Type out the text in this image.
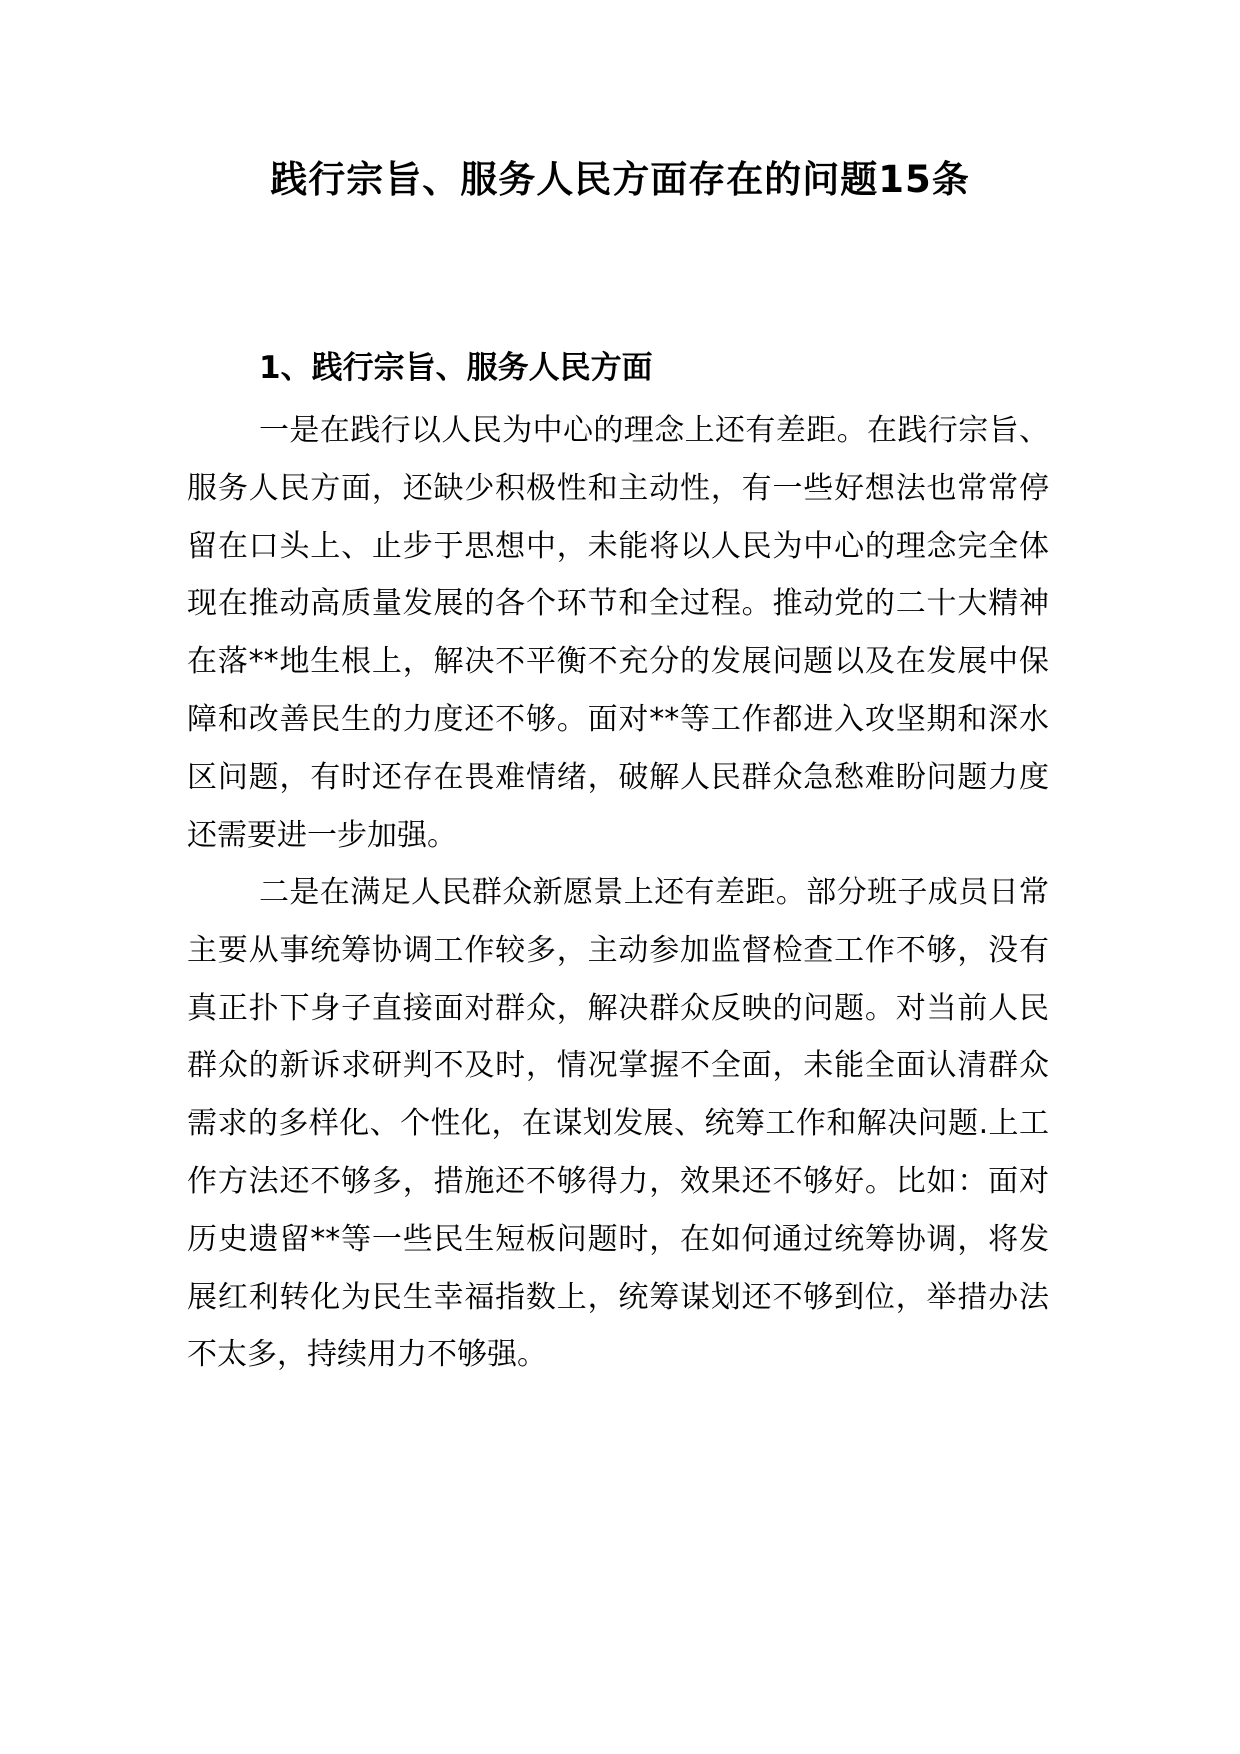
践行宗旨、服务人民方面存在的问题15条
1、践行宗旨、服务人民方面

一是在践行以人民为中心的理念上还有差距。在践行宗旨、服务人民方面，还缺少积极性和主动性，有一些好想法也常常停留在口头上、止步于思想中，未能将以人民为中心的理念完全体现在推动高质量发展的各个环节和全过程。推动党的二十大精神在落**地生根上，解决不平衡不充分的发展问题以及在发展中保障和改善民生的力度还不够。面对**等工作都进入攻坚期和深水区问题，有时还存在畏难情绪，破解人民群众急愁难盼问题力度还需要进一步加强。

二是在满足人民群众新愿景上还有差距。部分班子成员日常主要从事统筹协调工作较多，主动参加监督检查工作不够，没有真正扑下身子直接面对群众，解决群众反映的问题。对当前人民群众的新诉求研判不及时，情况掌握不全面，未能全面认清群众需求的多样化、个性化，在谋划发展、统筹工作和解决问题.上工作方法还不够多，措施还不够得力，效果还不够好。比如：面对历史遗留**等一些民生短板问题时，在如何通过统筹协调，将发展红利转化为民生幸福指数上，统筹谋划还不够到位，举措办法不太多，持续用力不够强。
